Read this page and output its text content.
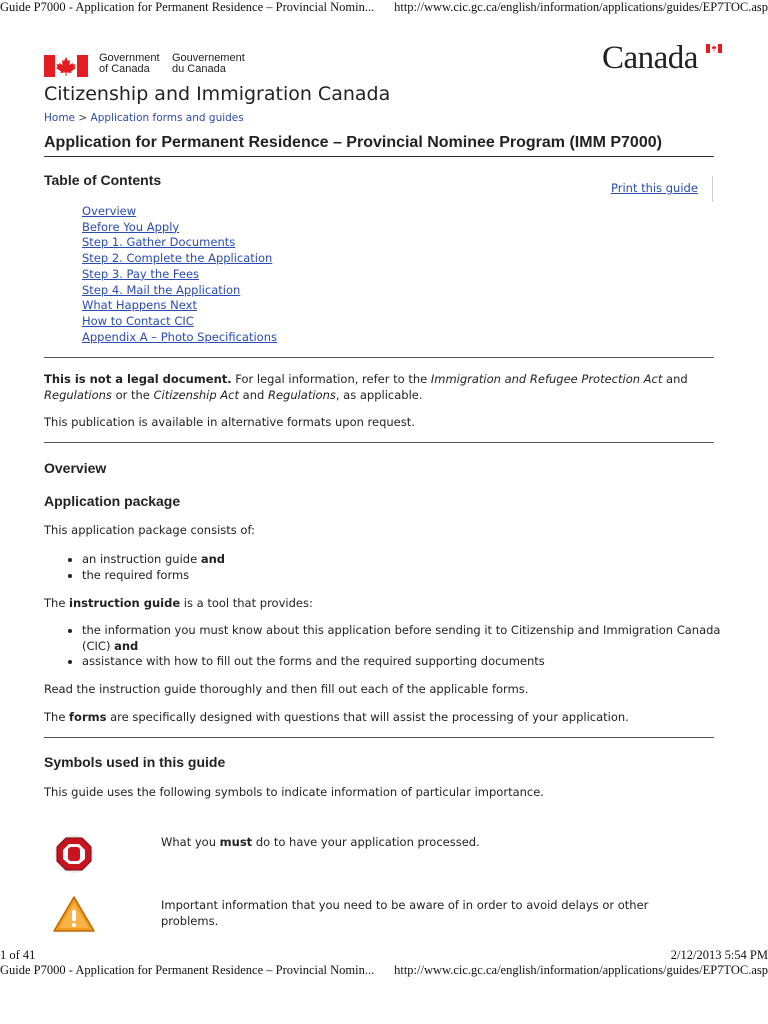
Guide P7000 - Application for Permanent Residence – Provincial Nomin... http://www.cic.gc.ca/english/information/applications/guides/EP7TOC.asp
Government
of Canada
Gouvernement
du Canada	Canada
Citizenship and Immigration Canada
Home > Application forms and guides
Application for Permanent Residence – Provincial Nominee Program (IMM P7000)
Table of Contents	Print this guide
Overview
Before You Apply
Step 1. Gather Documents
Step 2. Complete the Application
Step 3. Pay the Fees
Step 4. Mail the Application
What Happens Next
How to Contact CIC
Appendix A – Photo Specifications
This is not a legal document. For legal information, refer to the Immigration and Refugee Protection Act and Regulations or the Citizenship Act and Regulations, as applicable.
This publication is available in alternative formats upon request.
Overview
Application package
This application package consists of:
• an instruction guide and
• the required forms
The instruction guide is a tool that provides:
• the information you must know about this application before sending it to Citizenship and Immigration Canada (CIC) and
• assistance with how to fill out the forms and the required supporting documents
Read the instruction guide thoroughly and then fill out each of the applicable forms.
The forms are specifically designed with questions that will assist the processing of your application.
Symbols used in this guide
This guide uses the following symbols to indicate information of particular importance.
What you must do to have your application processed.
Important information that you need to be aware of in order to avoid delays or other problems.
1 of 41	2/12/2013 5:54 PM
Guide P7000 - Application for Permanent Residence – Provincial Nomin... http://www.cic.gc.ca/english/information/applications/guides/EP7TOC.asp
